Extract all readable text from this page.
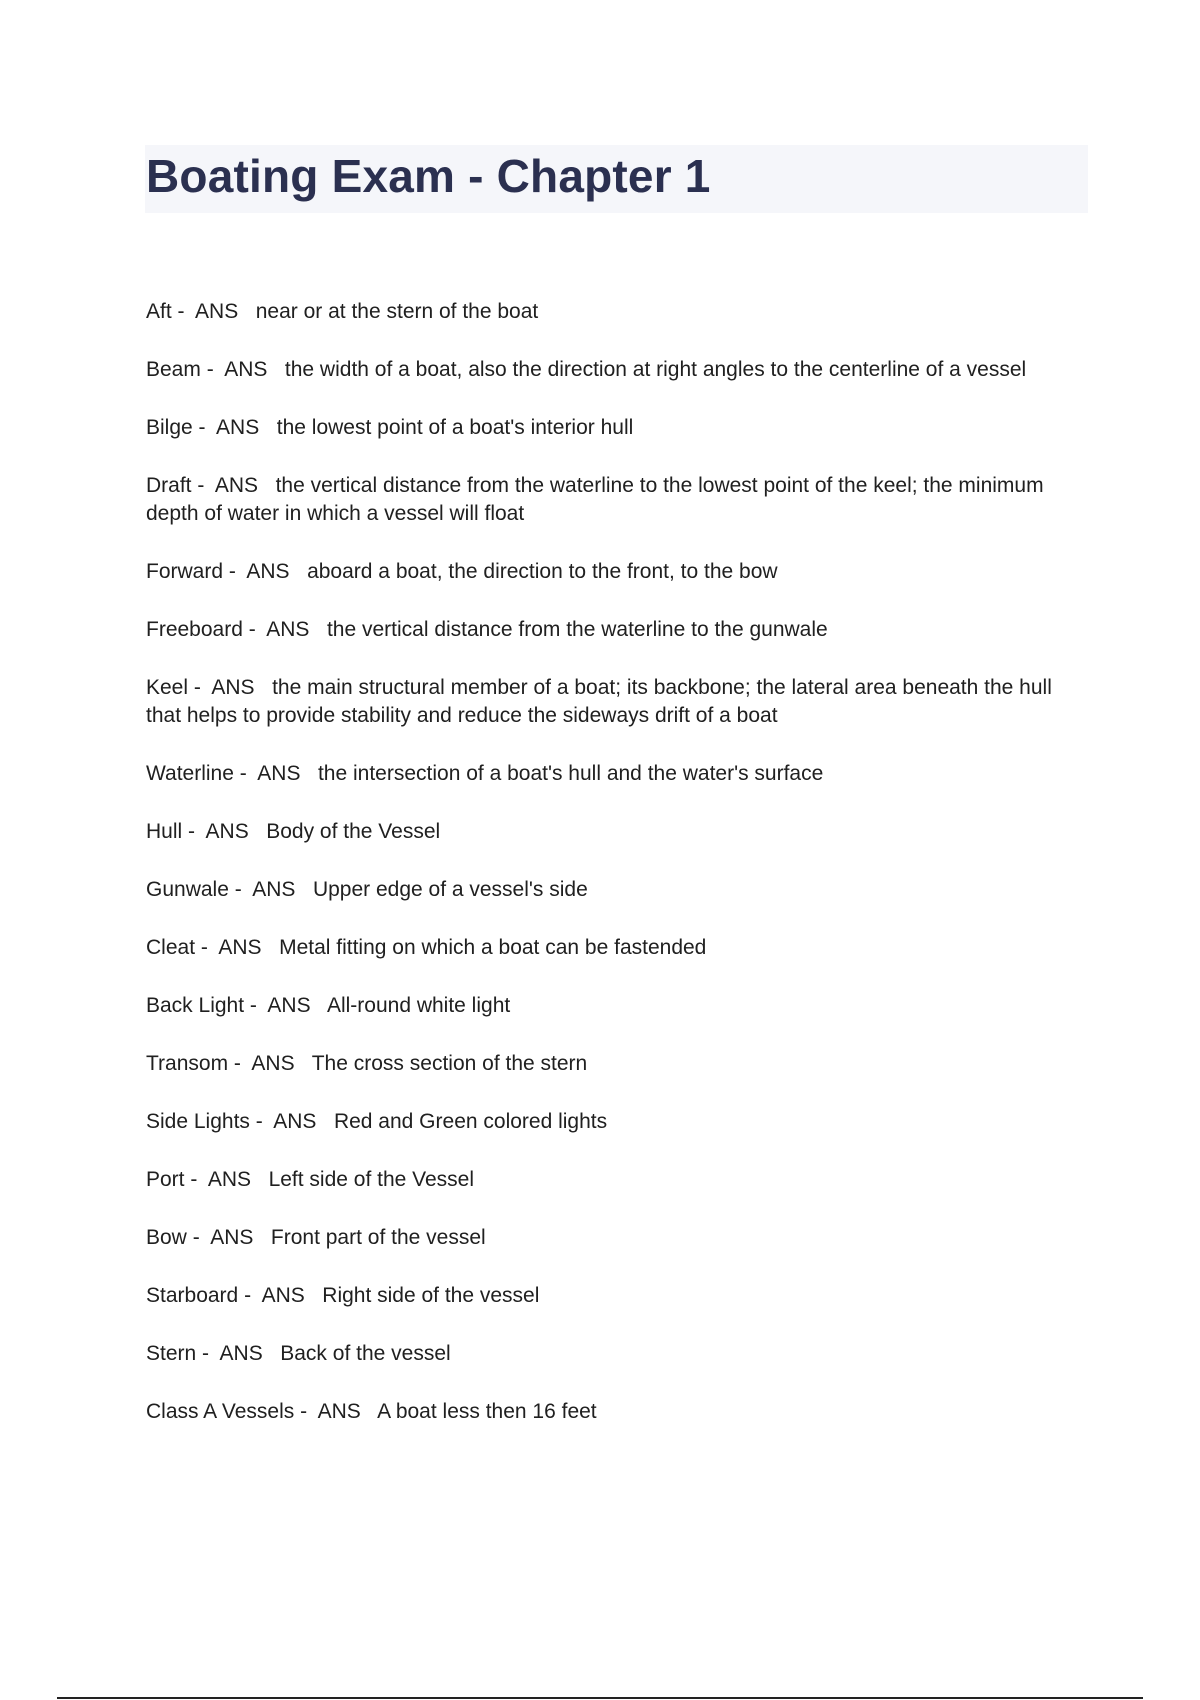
Boating Exam - Chapter 1

Aft -  ANS near or at the stern of the boat

Beam -  ANS the width of a boat, also the direction at right angles to the centerline of a vessel

Bilge -  ANS the lowest point of a boat's interior hull

Draft -  ANS the vertical distance from the waterline to the lowest point of the keel; the minimum depth of water in which a vessel will float

Forward -  ANS aboard a boat, the direction to the front, to the bow

Freeboard -  ANS the vertical distance from the waterline to the gunwale

Keel -  ANS the main structural member of a boat; its backbone; the lateral area beneath the hull that helps to provide stability and reduce the sideways drift of a boat

Waterline -  ANS the intersection of a boat's hull and the water's surface

Hull -  ANS Body of the Vessel

Gunwale -  ANS Upper edge of a vessel's side

Cleat -  ANS Metal fitting on which a boat can be fastended

Back Light -  ANS All-round white light

Transom -  ANS The cross section of the stern

Side Lights -  ANS Red and Green colored lights

Port -  ANS Left side of the Vessel

Bow -  ANS Front part of the vessel

Starboard -  ANS Right side of the vessel

Stern -  ANS Back of the vessel

Class A Vessels -  ANS A boat less then 16 feet
